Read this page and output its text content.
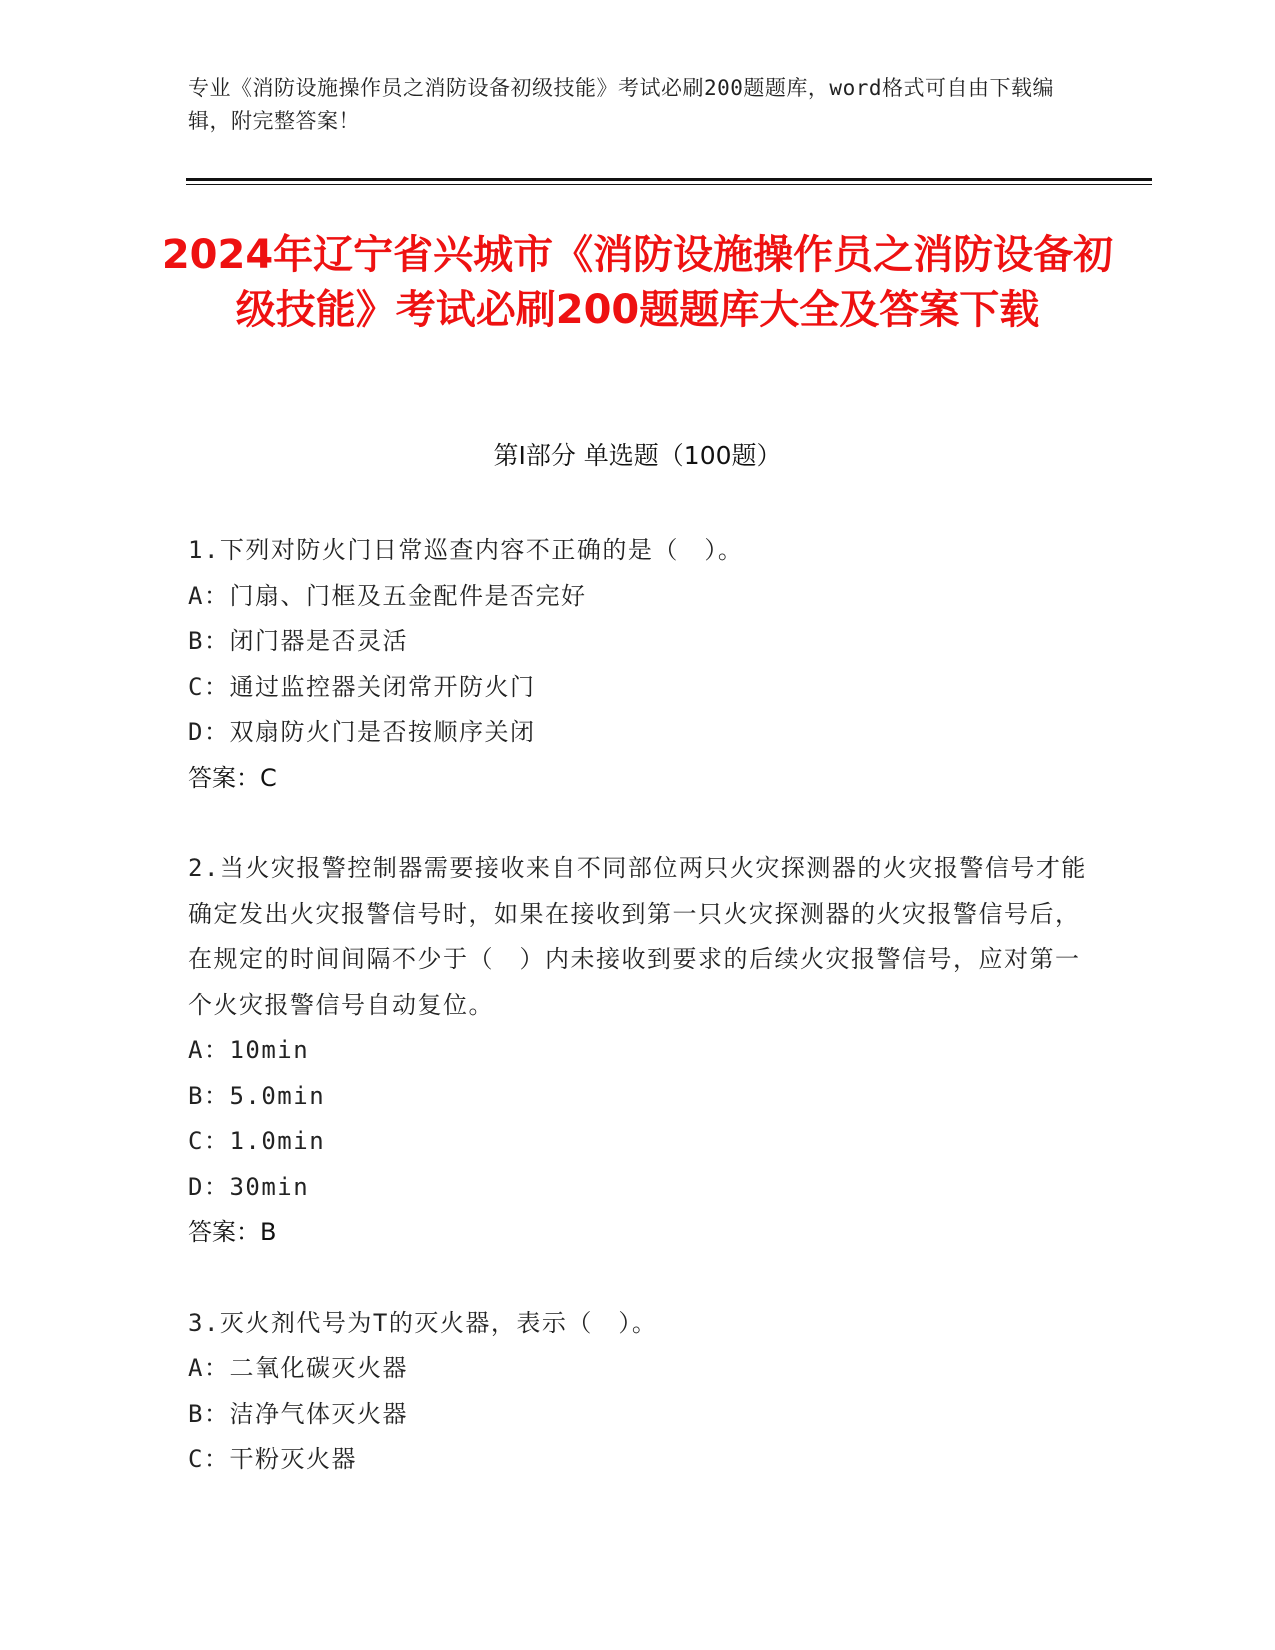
专业《消防设施操作员之消防设备初级技能》考试必刷200题题库，word格式可自由下载编辑，附完整答案！
2024年辽宁省兴城市《消防设施操作员之消防设备初级技能》考试必刷200题题库大全及答案下载
第Ⅰ部分 单选题（100题）
1.下列对防火门日常巡查内容不正确的是（　）。
A：门扇、门框及五金配件是否完好
B：闭门器是否灵活
C：通过监控器关闭常开防火门
D：双扇防火门是否按顺序关闭
答案：C
2.当火灾报警控制器需要接收来自不同部位两只火灾探测器的火灾报警信号才能确定发出火灾报警信号时，如果在接收到第一只火灾探测器的火灾报警信号后，在规定的时间间隔不少于（　）内未接收到要求的后续火灾报警信号，应对第一个火灾报警信号自动复位。
A：10min
B：5.0min
C：1.0min
D：30min
答案：B
3.灭火剂代号为T的灭火器，表示（　）。
A：二氧化碳灭火器
B：洁净气体灭火器
C：干粉灭火器
